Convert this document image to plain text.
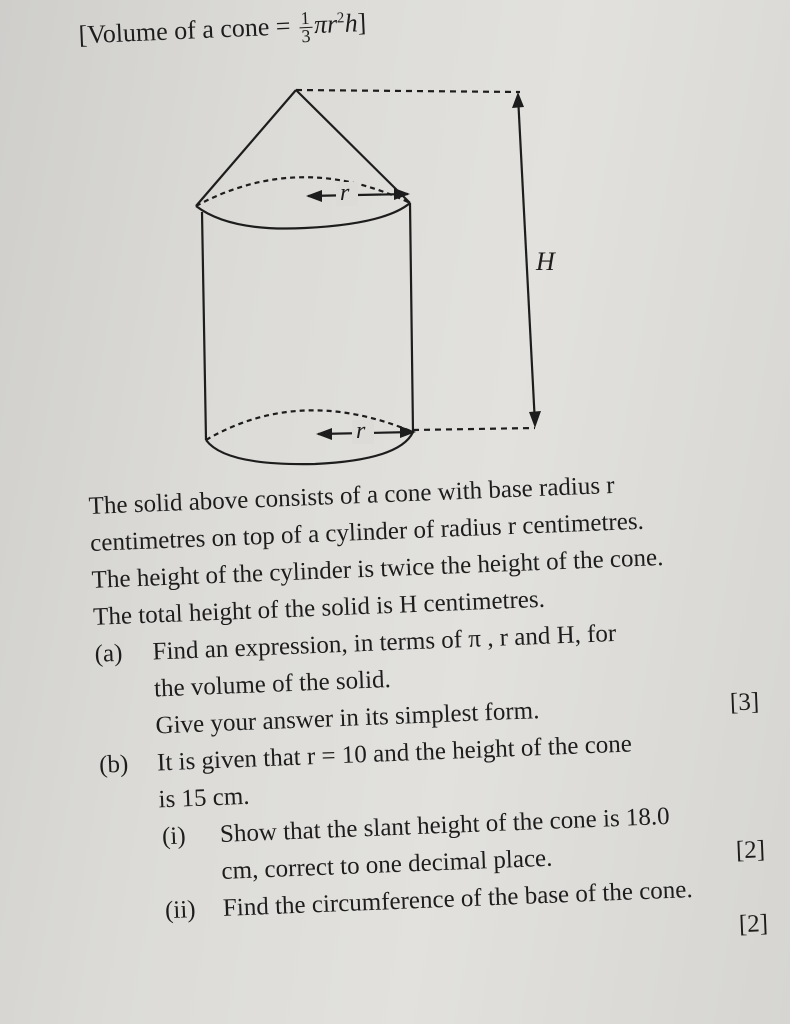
[Volume of a cone = $\frac{1}{3} \pi r^2h$]
r
r
H
The solid above consists of a cone with base radius r
centimetres on top of a cylinder of radius r centimetres.
The height of the cylinder is twice the height of the cone.
The total height of the solid is H centimetres.
(a) Find an expression, in terms of π , r and H, for
the volume of the solid.
Give your answer in its simplest form.	[3]
(b) It is given that r = 10 and the height of the cone
is 15 cm.
(i) Show that the slant height of the cone is 18.0
cm, correct to one decimal place.	[2]
(ii) Find the circumference of the base of the cone.
[2]
